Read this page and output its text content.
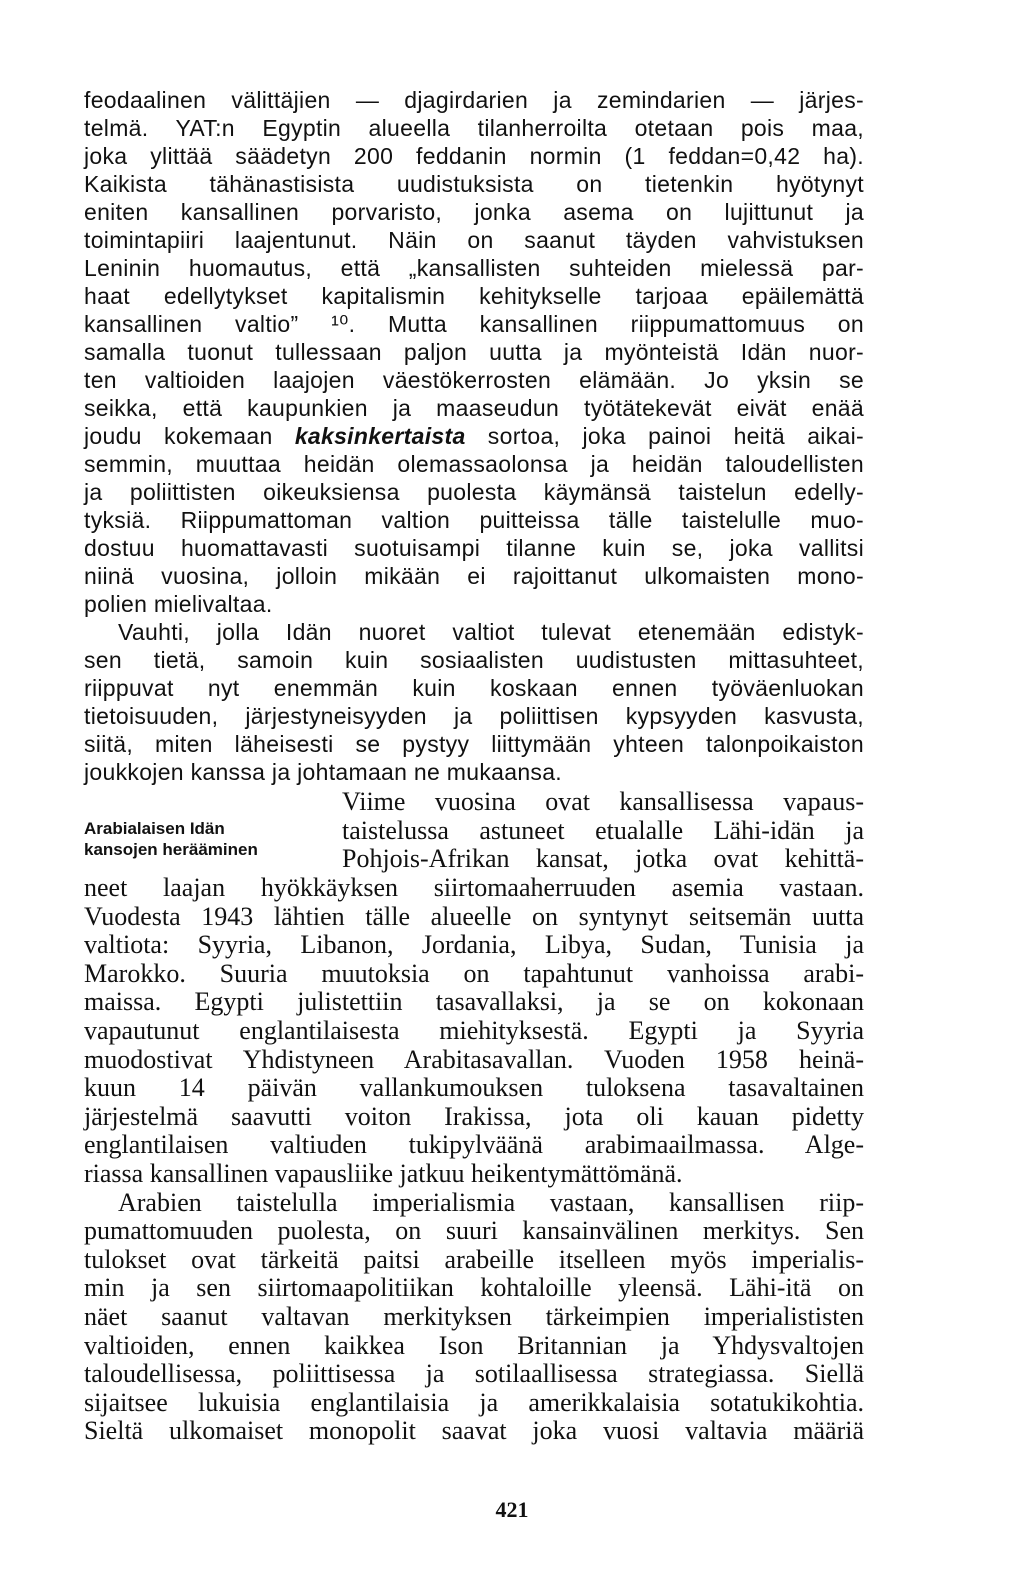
feodaalinen välittäjien — djagirdarien ja zemindarien — järjes-
telmä. YAT:n Egyptin alueella tilanherroilta otetaan pois maa,
joka ylittää säädetyn 200 feddanin normin (1 feddan=0,42 ha).
Kaikista tähänastisista uudistuksista on tietenkin hyötynyt
eniten kansallinen porvaristo, jonka asema on lujittunut ja
toimintapiiri laajentunut. Näin on saanut täyden vahvistuksen
Leninin huomautus, että „kansallisten suhteiden mielessä par-
haat edellytykset kapitalismin kehitykselle tarjoaa epäilemättä
kansallinen valtio” ¹⁰. Mutta kansallinen riippumattomuus on
samalla tuonut tullessaan paljon uutta ja myönteistä Idän nuor-
ten valtioiden laajojen väestökerrosten elämään. Jo yksin se
seikka, että kaupunkien ja maaseudun työtätekevät eivät enää
joudu kokemaan kaksinkertaista sortoa, joka painoi heitä aikai-
semmin, muuttaa heidän olemassaolonsa ja heidän taloudellisten
ja poliittisten oikeuksiensa puolesta käymänsä taistelun edelly-
tyksiä. Riippumattoman valtion puitteissa tälle taistelulle muo-
dostuu huomattavasti suotuisampi tilanne kuin se, joka vallitsi
niinä vuosina, jolloin mikään ei rajoittanut ulkomaisten mono-
polien mielivaltaa.
Vauhti, jolla Idän nuoret valtiot tulevat etenemään edistyk-
sen tietä, samoin kuin sosiaalisten uudistusten mittasuhteet,
riippuvat nyt enemmän kuin koskaan ennen työväenluokan
tietoisuuden, järjestyneisyyden ja poliittisen kypsyyden kasvusta,
siitä, miten läheisesti se pystyy liittymään yhteen talonpoikaiston
joukkojen kanssa ja johtamaan ne mukaansa.
Arabialaisen Idän
kansojen herääminen
Viime vuosina ovat kansallisessa vapaus-
taistelussa astuneet etualalle Lähi-idän ja
Pohjois-Afrikan kansat, jotka ovat kehittä-
neet laajan hyökkäyksen siirtomaaherruuden asemia vastaan.
Vuodesta 1943 lähtien tälle alueelle on syntynyt seitsemän uutta
valtiota: Syyria, Libanon, Jordania, Libya, Sudan, Tunisia ja
Marokko. Suuria muutoksia on tapahtunut vanhoissa arabi-
maissa. Egypti julistettiin tasavallaksi, ja se on kokonaan
vapautunut englantilaisesta miehityksestä. Egypti ja Syyria
muodostivat Yhdistyneen Arabitasavallan. Vuoden 1958 heinä-
kuun 14 päivän vallankumouksen tuloksena tasavaltainen
järjestelmä saavutti voiton Irakissa, jota oli kauan pidetty
englantilaisen valtiuden tukipylväänä arabimaailmassa. Alge-
riassa kansallinen vapausliike jatkuu heikentymättömänä.
Arabien taistelulla imperialismia vastaan, kansallisen riip-
pumattomuuden puolesta, on suuri kansainvälinen merkitys. Sen
tulokset ovat tärkeitä paitsi arabeille itselleen myös imperialis-
min ja sen siirtomaapolitiikan kohtaloille yleensä. Lähi-itä on
näet saanut valtavan merkityksen tärkeimpien imperialististen
valtioiden, ennen kaikkea Ison Britannian ja Yhdysvaltojen
taloudellisessa, poliittisessa ja sotilaallisessa strategiassa. Siellä
sijaitsee lukuisia englantilaisia ja amerikkalaisia sotatukikohtia.
Sieltä ulkomaiset monopolit saavat joka vuosi valtavia määriä
421
